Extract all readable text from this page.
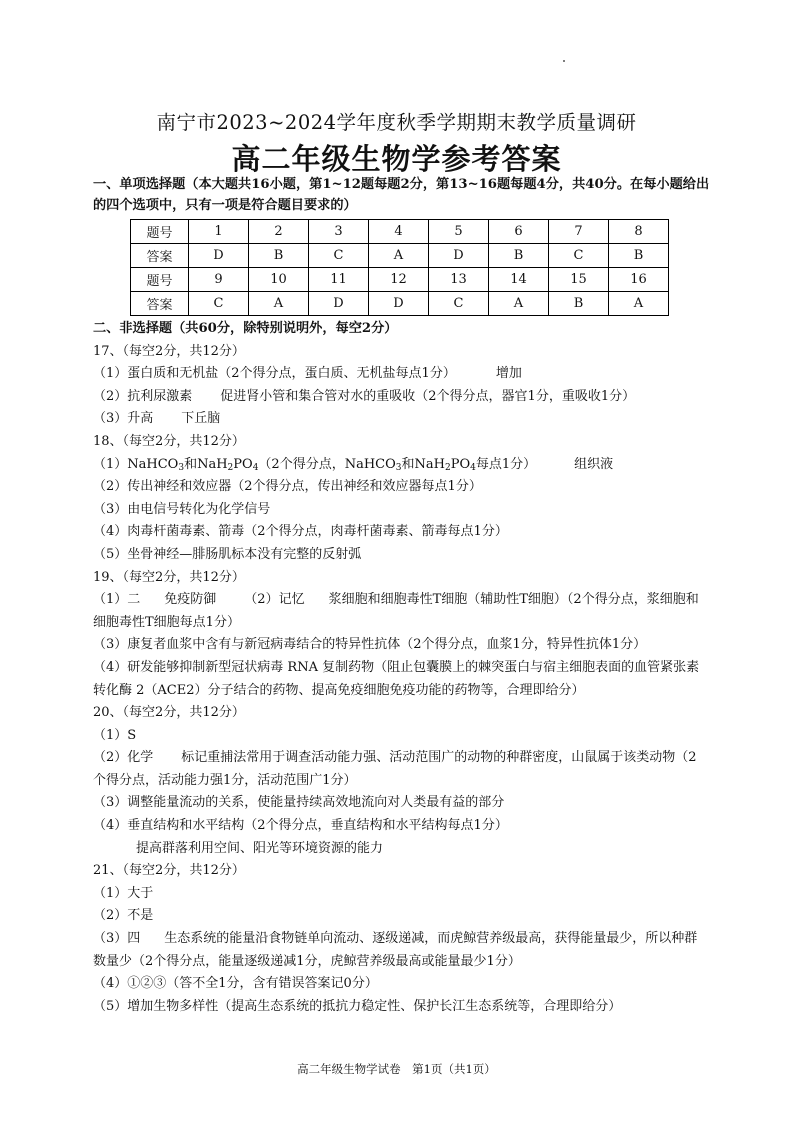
南宁市2023~2024学年度秋季学期期末教学质量调研
高二年级生物学参考答案
一、单项选择题（本大题共16小题，第1~12题每题2分，第13~16题每题4分，共40分。在每小题给出的四个选项中，只有一项是符合题目要求的）
题号	1	2	3	4	5	6	7	8
答案	D	B	C	A	D	B	C	B
题号	9	10	11	12	13	14	15	16
答案	C	A	D	D	C	A	B	A
二、非选择题（共60分，除特别说明外，每空2分）
17、（每空2分，共12分）
（1）蛋白质和无机盐（2个得分点，蛋白质、无机盐每点1分）	增加
（2）抗利尿激素 促进肾小管和集合管对水的重吸收（2个得分点，器官1分，重吸收1分）
（3）升高 下丘脑
18、（每空2分，共12分）
（1）NaHCO$_3$和$NaH_2PO_4(2$个得分点，NaHCO$_3$和$NaH_2PO_4$每点1分）	组织液
（2）传出神经和效应器（2个得分点，传出神经和效应器每点1分）
（3）由电信号转化为化学信号
（4）肉毒杆菌毒素、箭毒（2个得分点，肉毒杆菌毒素、箭毒每点1分）
（5）坐骨神经—腓肠肌标本没有完整的反射弧
19、（每空2分，共12分）
（1）二 免疫防御 （2）记忆 浆细胞和细胞毒性T细胞（辅助性T细胞）（2个得分点，浆细胞和细胞毒性T细胞每点1分）
（3）康复者血浆中含有与新冠病毒结合的特异性抗体（2个得分点，血浆1分，特异性抗体1分）
（4）研发能够抑制新型冠状病毒 RNA 复制药物（阻止包囊膜上的棘突蛋白与宿主细胞表面的血管紧张素转化酶 2（ACE2）分子结合的药物、提高免疫细胞免疫功能的药物等，合理即给分）
20、（每空2分，共12分）
（1）S
（2）化学 标记重捕法常用于调查活动能力强、活动范围广的动物的种群密度，山鼠属于该类动物（2个得分点，活动能力强1分，活动范围广1分）
（3）调整能量流动的关系，使能量持续高效地流向对人类最有益的部分
（4）垂直结构和水平结构（2个得分点，垂直结构和水平结构每点1分）
提高群落利用空间、阳光等环境资源的能力
21、（每空2分，共12分）
（1）大于
（2）不是
（3）四 生态系统的能量沿食物链单向流动、逐级递减，而虎鲸营养级最高，获得能量最少，所以种群数量少（2个得分点，能量逐级递减1分，虎鲸营养级最高或能量最少1分）
（4）①②③（答不全1分，含有错误答案记0分）
（5）增加生物多样性（提高生态系统的抵抗力稳定性、保护长江生态系统等，合理即给分）
高二年级生物学试卷　第1页（共1页）
